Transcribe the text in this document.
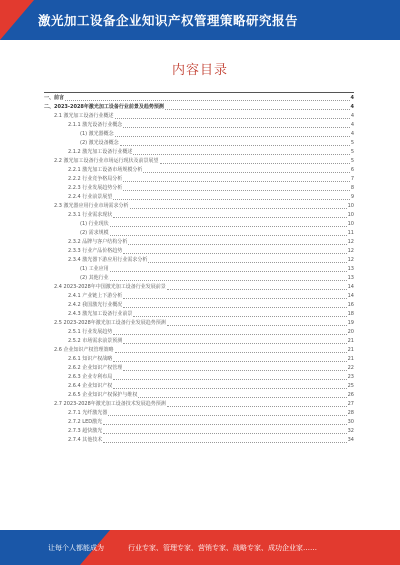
激光加工设备企业知识产权管理策略研究报告
内容目录
一、前言	4
二、2023-2028年激光加工设备行业前景及趋势预测	4
2.1 激光加工设备行业概述	4
2.1.1 激光设备行业概念	4
(1) 激光器概念	4
(2) 激光设备概念	5
2.1.2 激光加工设备行业概述	5
2.2 激光加工设备行业市场运行现状及前景展望	5
2.2.1 激光加工设备市场规模分析	6
2.2.2 行业竞争格局分析	7
2.2.3 行业发展趋势分析	8
2.2.4 行业前景展望	9
2.3 激光器应用行业市场需求分析	10
2.3.1 行业需求现状	10
(1) 行业现状	10
(2) 需求规模	11
2.3.2 品牌与客户结构分析	12
2.3.3 行业产品价格趋势	12
2.3.4 激光器下游应用行业需求分析	12
(1) 工业应用	13
(2) 其他行业	13
2.4 2023-2028年中国激光加工设备行业发展前景	14
2.4.1 产业链上下游分析	14
2.4.2 我国激光行业概况	16
2.4.3 激光加工设备行业前景	18
2.5 2023-2028年激光加工设备行业发展趋势预测	19
2.5.1 行业发展趋势	20
2.5.2 市场需求前景预测	21
2.6 企业知识产权管理策略	21
2.6.1 知识产权战略	21
2.6.2 企业知识产权管理	22
2.6.3 企业专利布局	23
2.6.4 企业知识产权	25
2.6.5 企业知识产权保护与维权	26
2.7 2023-2028年激光加工设备技术发展趋势预测	27
2.7.1 光纤激光器	28
2.7.2 LED激光	30
2.7.3 超快激光	32
2.7.4 其他技术	34
让每个人都能成为	行业专家、管理专家、营销专家、战略专家、成功企业家……
